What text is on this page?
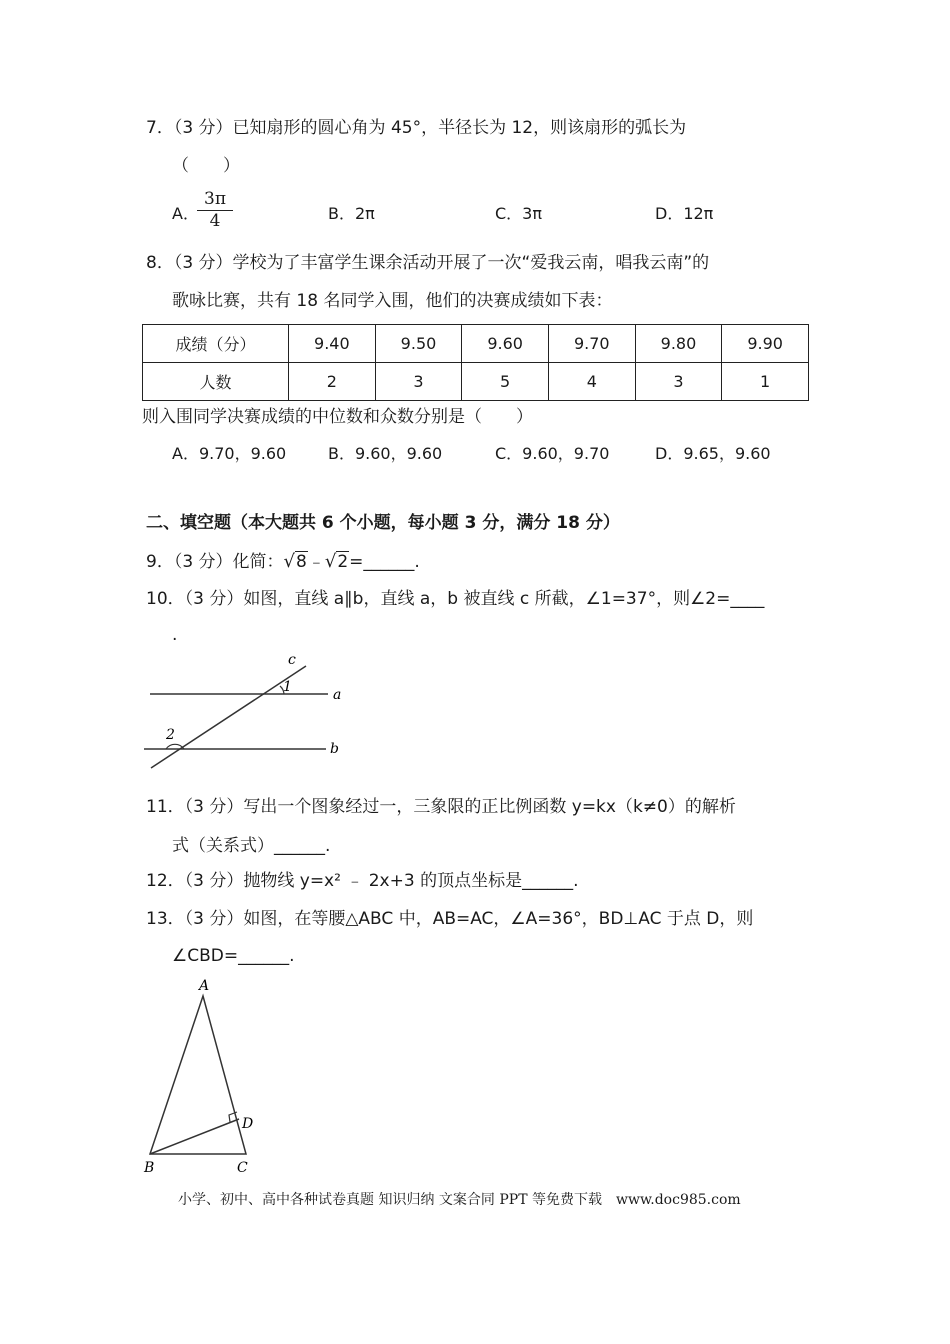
7．（3 分）已知扇形的圆心角为 45°，半径长为 12，则该扇形的弧长为
（　　）
A．
3π
4	B．2π	C．3π	D．12π
8．（3 分）学校为了丰富学生课余活动开展了一次“爱我云南，唱我云南”的
歌咏比赛，共有 18 名同学入围，他们的决赛成绩如下表：
成绩（分）	9.40	9.50	9.60	9.70	9.80	9.90
人数	2	3	5	4	3	1
则入围同学决赛成绩的中位数和众数分别是（　　）
A．9.70，9.60	B．9.60，9.60	C．9.60，9.70	D．9.65，9.60
二、填空题（本大题共 6 个小题，每小题 3 分，满分 18 分）
9．（3 分）化简：√8﹣√2=______.
10．（3 分）如图，直线 a∥b，直线 a，b 被直线 c 所截，∠1=37°，则∠2=____
.
c
1	a
2
b
11．（3 分）写出一个图象经过一，三象限的正比例函数 y=kx（k≠0）的解析
式（关系式）______.
12．（3 分）抛物线 y=x² ﹣ 2x+3 的顶点坐标是______.
13．（3 分）如图，在等腰△ABC 中，AB=AC，∠A=36°，BD⊥AC 于点 D，则
∠CBD=______.
A
B	C
D
小学、初中、高中各种试卷真题 知识归纳 文案合同 PPT 等免费下载　www.doc985.com
